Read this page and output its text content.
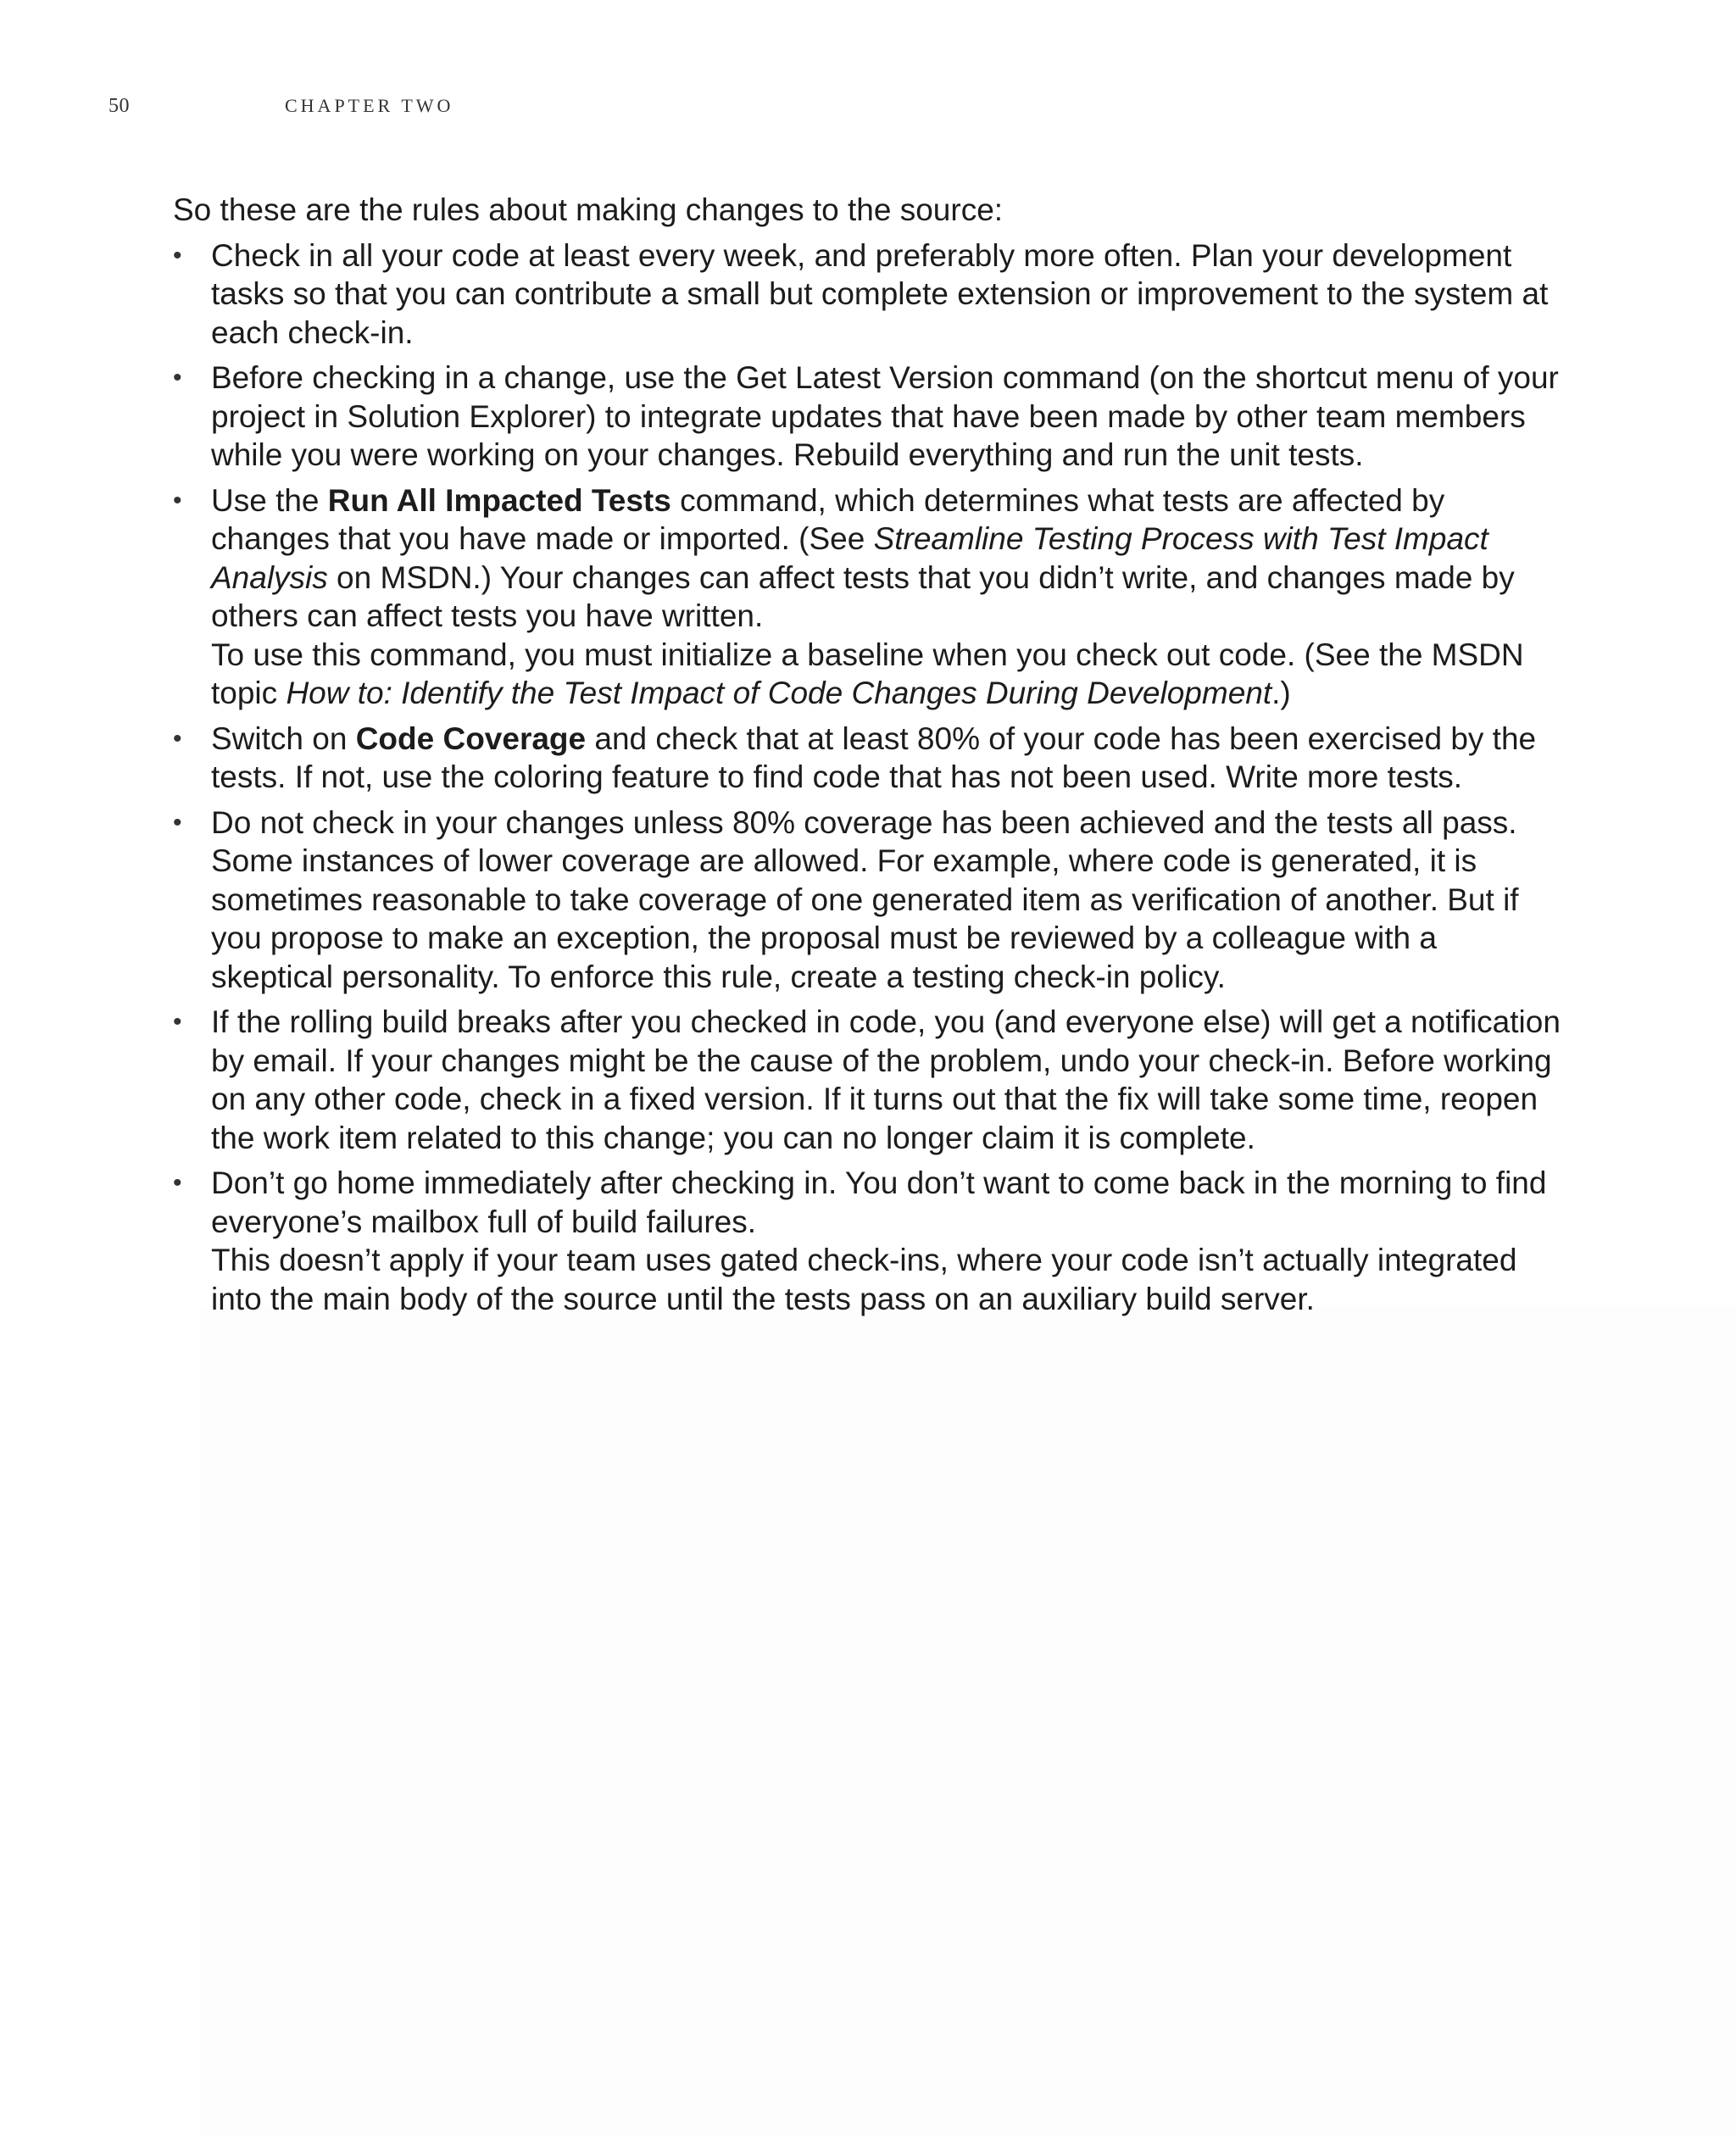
50	CHAPTER TWO

So these are the rules about making changes to the source:

• Check in all your code at least every week, and preferably more often. Plan your development tasks so that you can contribute a small but complete extension or improvement to the system at each check-in.

• Before checking in a change, use the Get Latest Version command (on the shortcut menu of your project in Solution Explorer) to integrate updates that have been made by other team members while you were working on your changes. Rebuild everything and run the unit tests.

• Use the Run All Impacted Tests command, which determines what tests are affected by changes that you have made or imported. (See Streamline Testing Process with Test Impact Analysis on MSDN.) Your changes can affect tests that you didn’t write, and changes made by others can affect tests you have written.

To use this command, you must initialize a baseline when you check out code. (See the MSDN topic How to: Identify the Test Impact of Code Changes During Development.)

• Switch on Code Coverage and check that at least 80% of your code has been exercised by the tests. If not, use the coloring feature to find code that has not been used. Write more tests.

• Do not check in your changes unless 80% coverage has been achieved and the tests all pass. Some instances of lower coverage are allowed. For example, where code is generated, it is sometimes reasonable to take coverage of one generated item as verification of another. But if you propose to make an exception, the proposal must be reviewed by a colleague with a skeptical personality. To enforce this rule, create a testing check-in policy.

• If the rolling build breaks after you checked in code, you (and everyone else) will get a notification by email. If your changes might be the cause of the problem, undo your check-in. Before working on any other code, check in a fixed version. If it turns out that the fix will take some time, reopen the work item related to this change; you can no longer claim it is complete.

• Don’t go home immediately after checking in. You don’t want to come back in the morning to find everyone’s mailbox full of build failures.

This doesn’t apply if your team uses gated check-ins, where your code isn’t actually integrated into the main body of the source until the tests pass on an auxiliary build server.
